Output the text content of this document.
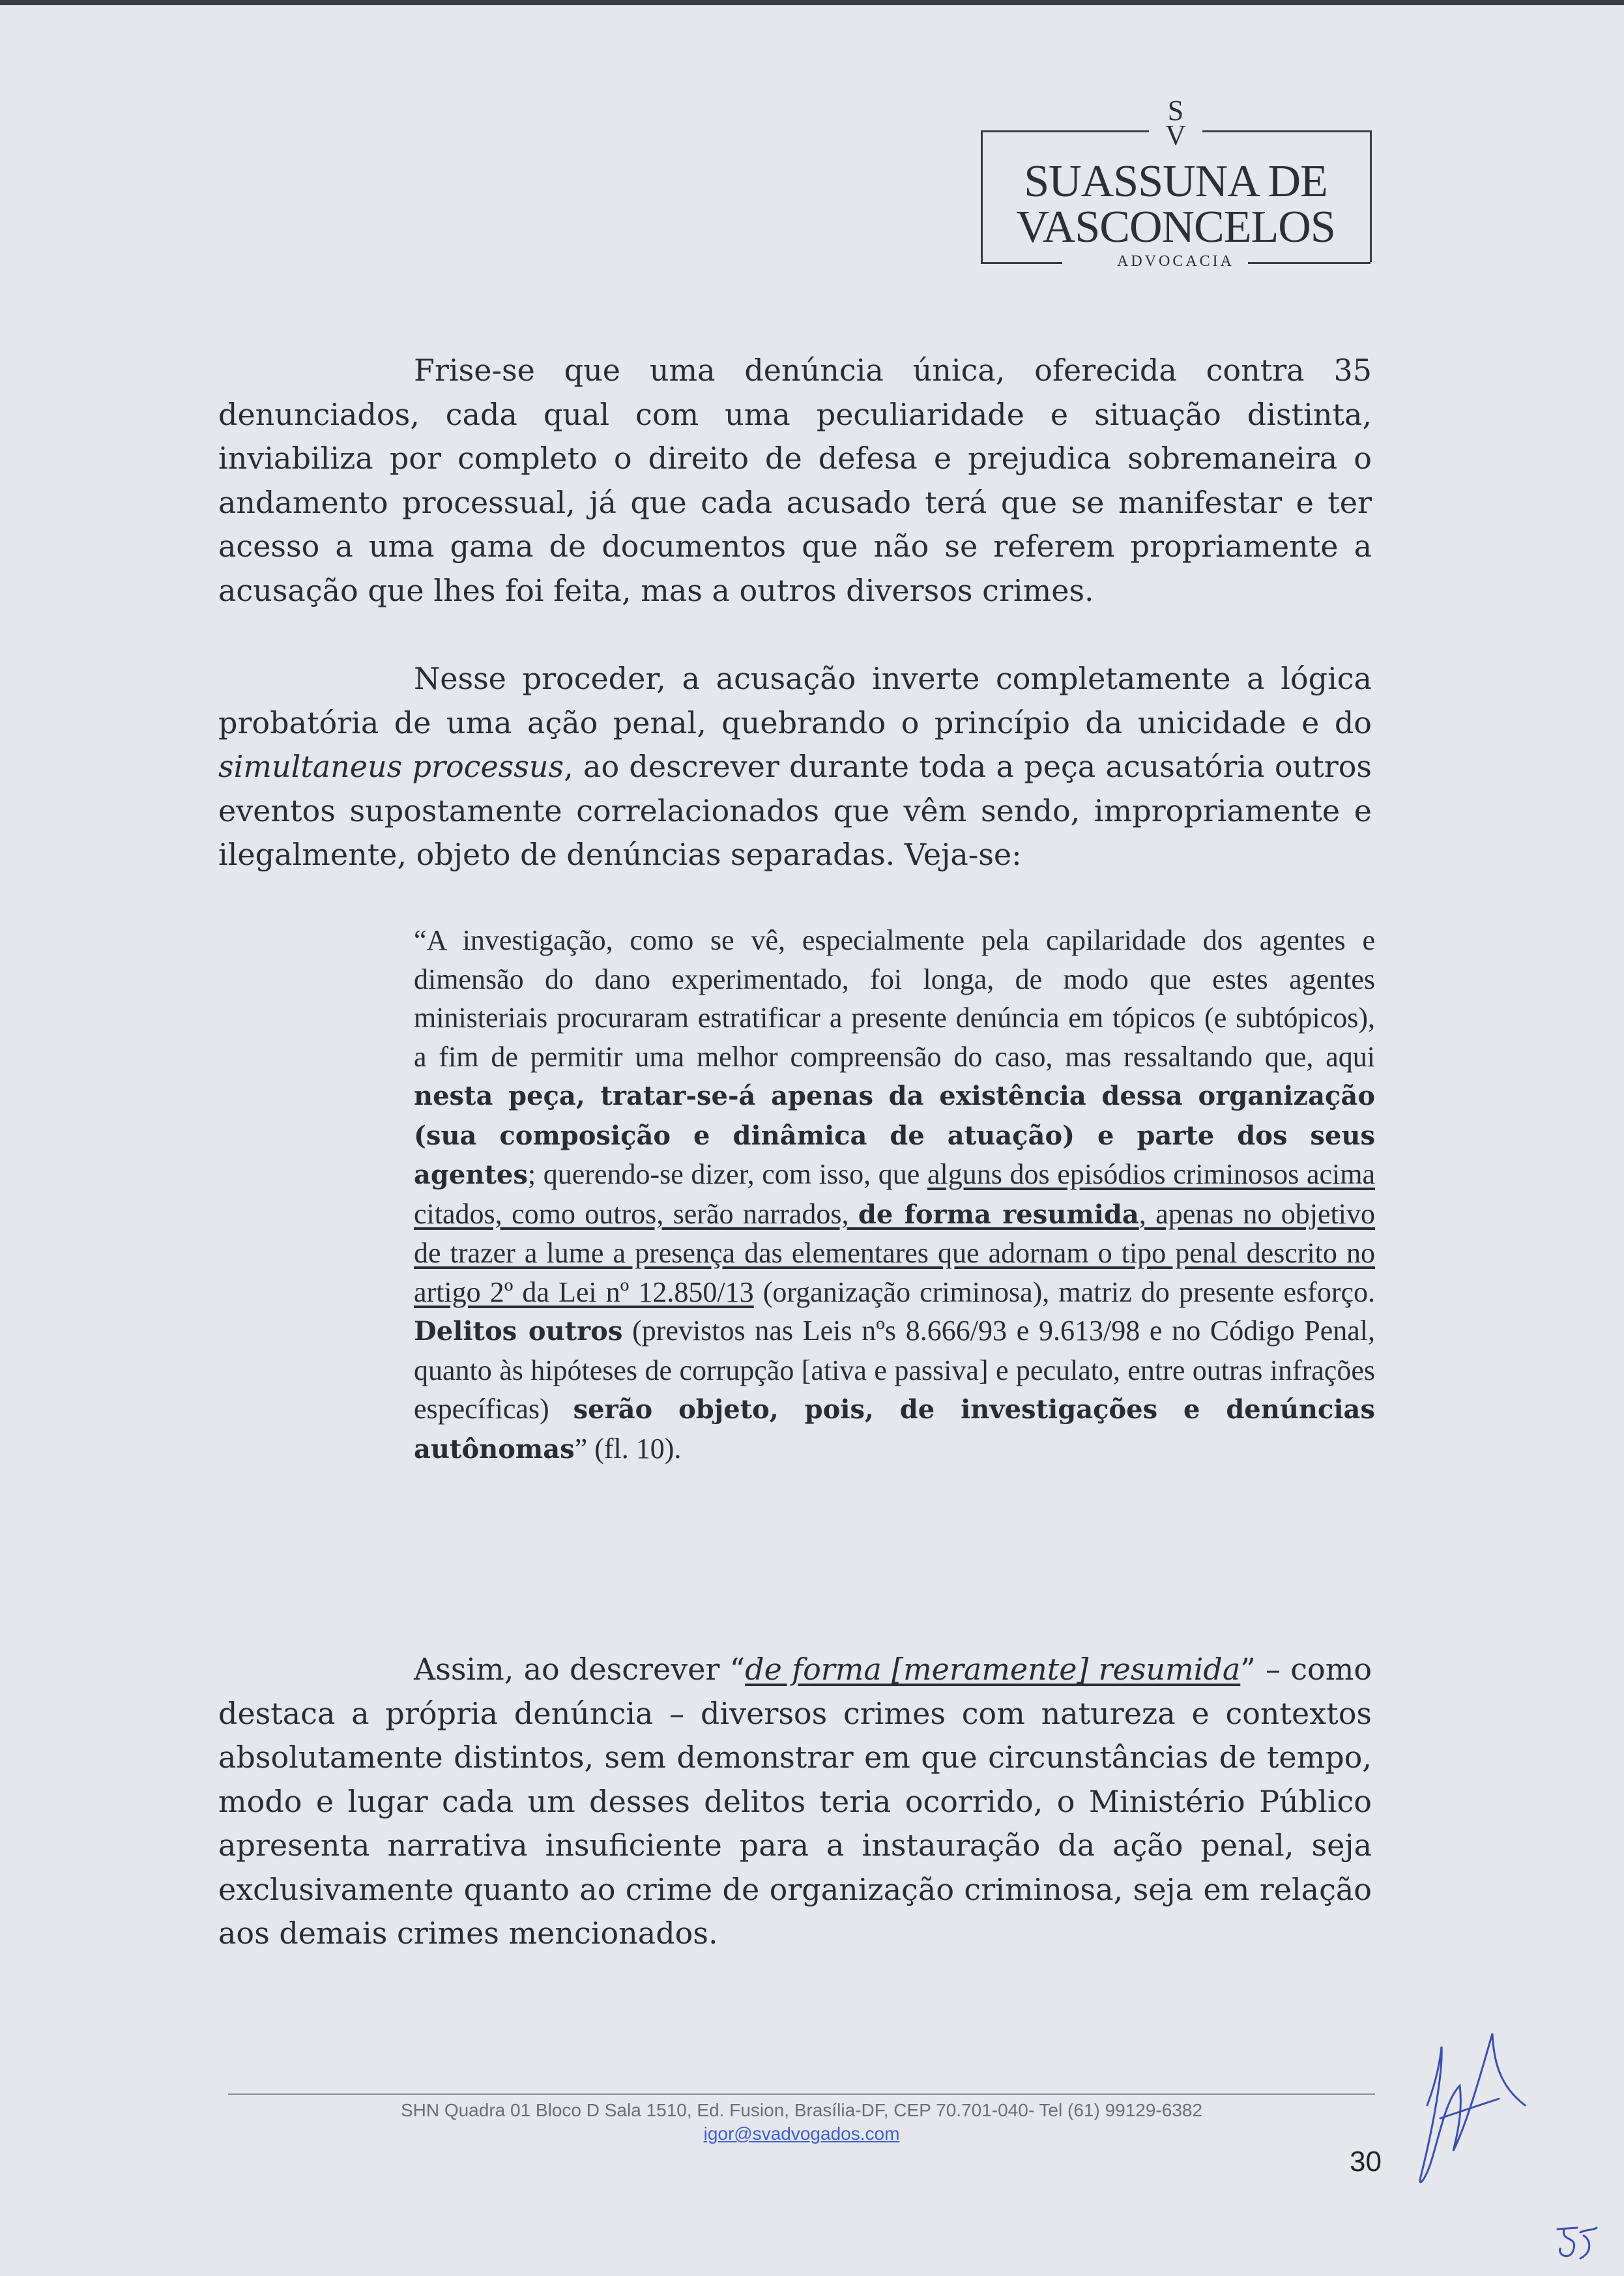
S
V
SUASSUNA DE
VASCONCELOS
ADVOCACIA

Frise-se que uma denúncia única, oferecida contra 35 denunciados, cada qual com uma peculiaridade e situação distinta, inviabiliza por completo o direito de defesa e prejudica sobremaneira o andamento processual, já que cada acusado terá que se manifestar e ter acesso a uma gama de documentos que não se referem propriamente a acusação que lhes foi feita, mas a outros diversos crimes.

Nesse proceder, a acusação inverte completamente a lógica probatória de uma ação penal, quebrando o princípio da unicidade e do simultaneus processus, ao descrever durante toda a peça acusatória outros eventos supostamente correlacionados que vêm sendo, impropriamente e ilegalmente, objeto de denúncias separadas. Veja-se:

“A investigação, como se vê, especialmente pela capilaridade dos agentes e dimensão do dano experimentado, foi longa, de modo que estes agentes ministeriais procuraram estratificar a presente denúncia em tópicos (e subtópicos), a fim de permitir uma melhor compreensão do caso, mas ressaltando que, aqui nesta peça, tratar-se-á apenas da existência dessa organização (sua composição e dinâmica de atuação) e parte dos seus agentes; querendo-se dizer, com isso, que alguns dos episódios criminosos acima citados, como outros, serão narrados, de forma resumida, apenas no objetivo de trazer a lume a presença das elementares que adornam o tipo penal descrito no artigo 2º da Lei nº 12.850/13 (organização criminosa), matriz do presente esforço. Delitos outros (previstos nas Leis nºs 8.666/93 e 9.613/98 e no Código Penal, quanto às hipóteses de corrupção [ativa e passiva] e peculato, entre outras infrações específicas) serão objeto, pois, de investigações e denúncias autônomas” (fl. 10).

Assim, ao descrever “de forma [meramente] resumida” – como destaca a própria denúncia – diversos crimes com natureza e contextos absolutamente distintos, sem demonstrar em que circunstâncias de tempo, modo e lugar cada um desses delitos teria ocorrido, o Ministério Público apresenta narrativa insuficiente para a instauração da ação penal, seja exclusivamente quanto ao crime de organização criminosa, seja em relação aos demais crimes mencionados.

SHN Quadra 01 Bloco D Sala 1510, Ed. Fusion, Brasília-DF, CEP 70.701-040- Tel (61) 99129-6382
igor@svadvogados.com
30
